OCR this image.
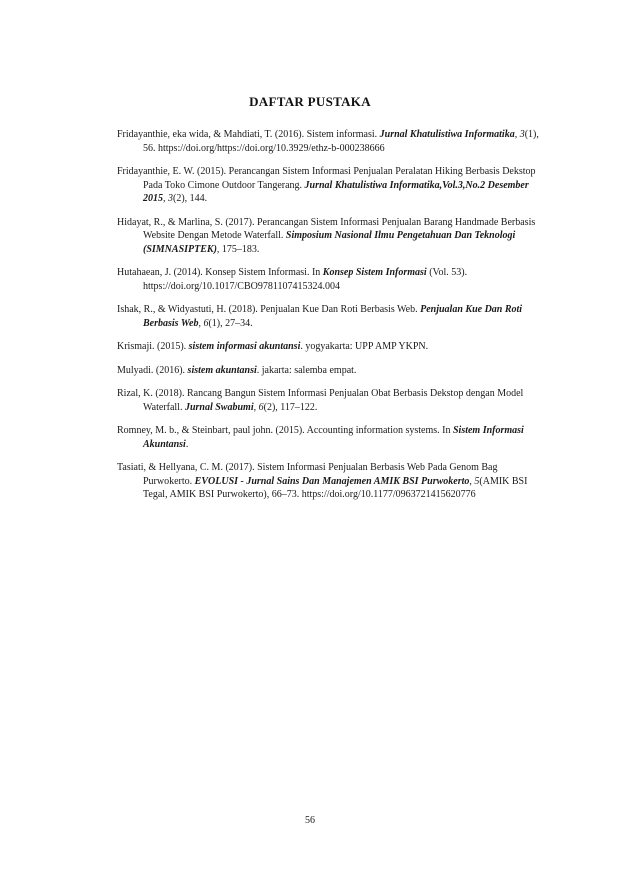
DAFTAR PUSTAKA

Fridayanthie, eka wida, & Mahdiati, T. (2016). Sistem informasi. Jurnal Khatulistiwa Informatika, 3(1), 56. https://doi.org/https://doi.org/10.3929/ethz-b-000238666

Fridayanthie, E. W. (2015). Perancangan Sistem Informasi Penjualan Peralatan Hiking Berbasis Dekstop Pada Toko Cimone Outdoor Tangerang. Jurnal Khatulistiwa Informatika,Vol.3,No.2 Desember 2015, 3(2), 144.

Hidayat, R., & Marlina, S. (2017). Perancangan Sistem Informasi Penjualan Barang Handmade Berbasis Website Dengan Metode Waterfall. Simposium Nasional Ilmu Pengetahuan Dan Teknologi (SIMNASIPTEK), 175–183.

Hutahaean, J. (2014). Konsep Sistem Informasi. In Konsep Sistem Informasi (Vol. 53). https://doi.org/10.1017/CBO9781107415324.004

Ishak, R., & Widyastuti, H. (2018). Penjualan Kue Dan Roti Berbasis Web. Penjualan Kue Dan Roti Berbasis Web, 6(1), 27–34.

Krismaji. (2015). sistem informasi akuntansi. yogyakarta: UPP AMP YKPN.

Mulyadi. (2016). sistem akuntansi. jakarta: salemba empat.

Rizal, K. (2018). Rancang Bangun Sistem Informasi Penjualan Obat Berbasis Dekstop dengan Model Waterfall. Jurnal Swabumi, 6(2), 117–122.

Romney, M. b., & Steinbart, paul john. (2015). Accounting information systems. In Sistem Informasi Akuntansi.

Tasiati, & Hellyana, C. M. (2017). Sistem Informasi Penjualan Berbasis Web Pada Genom Bag Purwokerto. EVOLUSI - Jurnal Sains Dan Manajemen AMIK BSI Purwokerto, 5(AMIK BSI Tegal, AMIK BSI Purwokerto), 66–73. https://doi.org/10.1177/0963721415620776

56
